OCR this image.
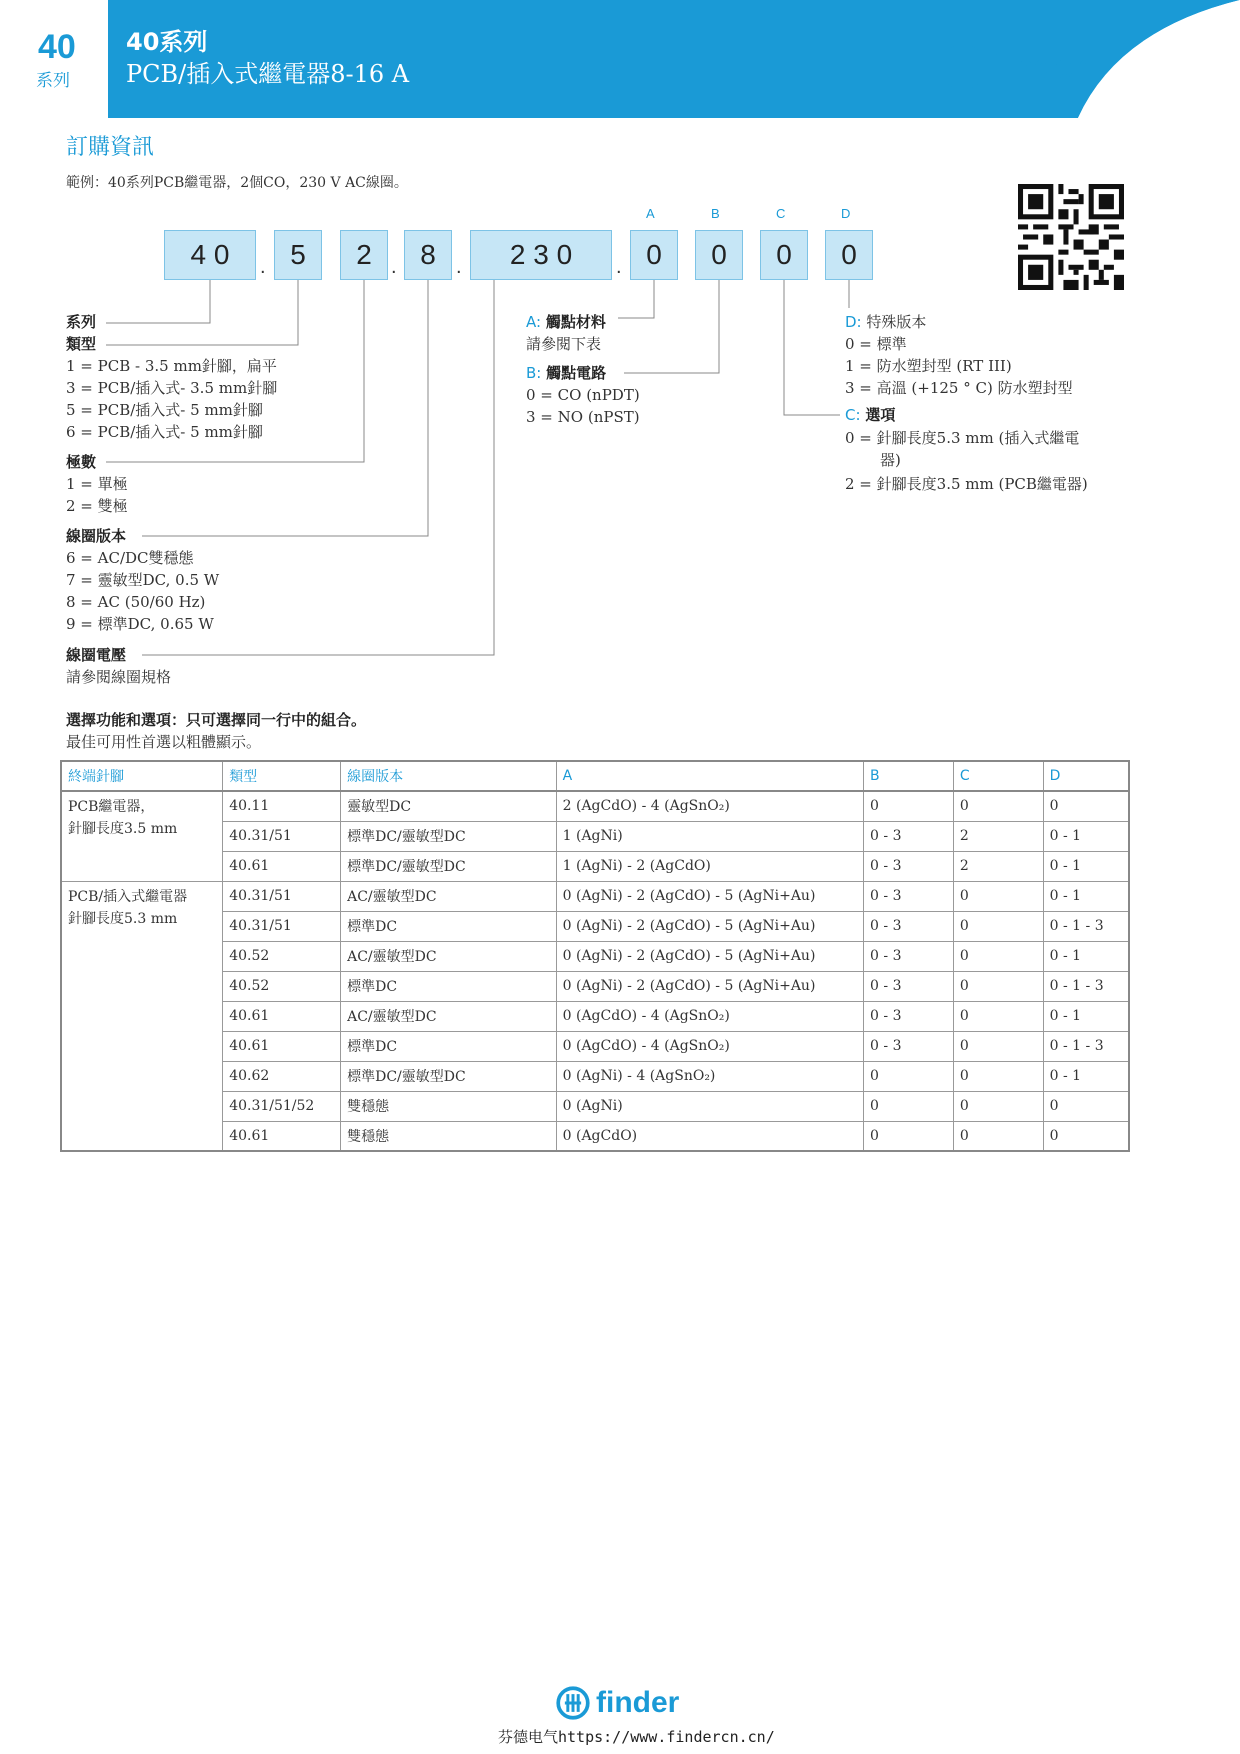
40
系列
40系列
PCB/插入式繼電器8-16 A	finder
訂購資訊
範例：40系列PCB繼電器，2個CO，230 V AC線圈。
A	B	C	D
4 0	. 5	2 . 8	.	2 3 0	. 0	0	0	0
系列
類型
1 = PCB - 3.5 mm針腳，扁平
3 = PCB/插入式- 3.5 mm針腳
5 = PCB/插入式- 5 mm針腳
6 = PCB/插入式- 5 mm針腳
極數
1 = 單極
2 = 雙極
線圈版本
6 = AC/DC雙穩態
7 = 靈敏型DC, 0.5 W
8 = AC (50/60 Hz)
9 = 標準DC, 0.65 W
線圈電壓
請參閱線圈規格
A: 觸點材料
請參閱下表
B: 觸點電路
0 = CO (nPDT)
3 = NO (nPST)
D: 特殊版本
0 = 標準
1 = 防水塑封型 (RT III)
3 = 高溫 (+125 ° C) 防水塑封型
C: 選項
0 = 針腳長度5.3 mm (插入式繼電
器)
2 = 針腳長度3.5 mm (PCB繼電器)
選擇功能和選項：只可選擇同一行中的組合。
最佳可用性首選以粗體顯示。
終端針腳	類型	線圈版本	A	B	C	D

PCB繼電器，
針腳長度3.5 mm	40.11	靈敏型DC	2 (AgCdO) - 4 (AgSnO₂)	0	0	0
	40.31/51	標準DC/靈敏型DC	1 (AgNi)	0 - 3	2	0 - 1
	40.61	標準DC/靈敏型DC	1 (AgNi) - 2 (AgCdO)	0 - 3	2	0 - 1

PCB/插入式繼電器
針腳長度5.3 mm	40.31/51	AC/靈敏型DC	0 (AgNi) - 2 (AgCdO) - 5 (AgNi+Au)	0 - 3	0	0 - 1
	40.31/51	標準DC	0 (AgNi) - 2 (AgCdO) - 5 (AgNi+Au)	0 - 3	0	0 - 1 - 3
	40.52	AC/靈敏型DC	0 (AgNi) - 2 (AgCdO) - 5 (AgNi+Au)	0 - 3	0	0 - 1
	40.52	標準DC	0 (AgNi) - 2 (AgCdO) - 5 (AgNi+Au)	0 - 3	0	0 - 1 - 3
	40.61	AC/靈敏型DC	0 (AgCdO) - 4 (AgSnO₂)	0 - 3	0	0 - 1
	40.61	標準DC	0 (AgCdO) - 4 (AgSnO₂)	0 - 3	0	0 - 1 - 3
	40.62	標準DC/靈敏型DC	0 (AgNi) - 4 (AgSnO₂)	0	0	0 - 1
	40.31/51/52	雙穩態	0 (AgNi)	0	0	0
	40.61	雙穩態	0 (AgCdO)	0	0	0
finder
芬德电气https://www.findercn.cn/
